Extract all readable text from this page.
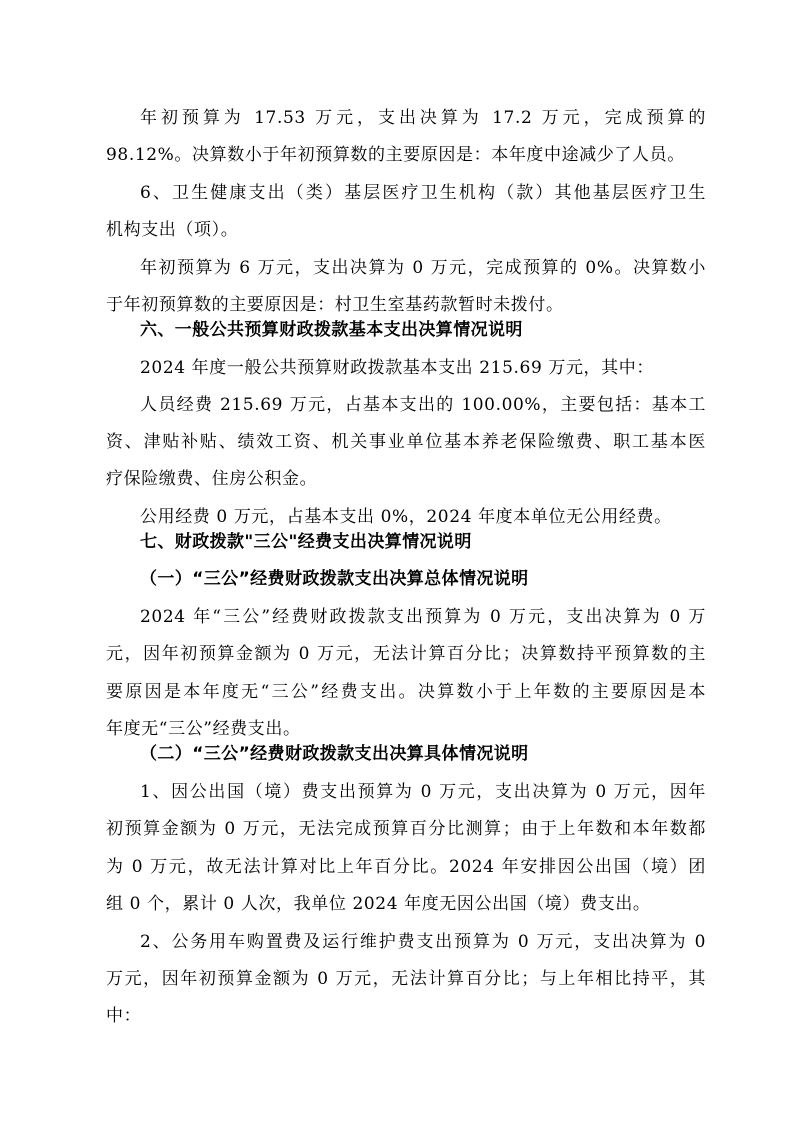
年初预算为 17.53 万元，支出决算为 17.2 万元，完成预算的
98.12%。决算数小于年初预算数的主要原因是：本年度中途减少了人员。
6、卫生健康支出（类）基层医疗卫生机构（款）其他基层医疗卫生
机构支出（项）。
年初预算为 6 万元，支出决算为 0 万元，完成预算的 0%。决算数小
于年初预算数的主要原因是：村卫生室基药款暂时未拨付。
六、一般公共预算财政拨款基本支出决算情况说明
2024 年度一般公共预算财政拨款基本支出 215.69 万元，其中：
人员经费 215.69 万元，占基本支出的 100.00%，主要包括：基本工
资、津贴补贴、绩效工资、机关事业单位基本养老保险缴费、职工基本医
疗保险缴费、住房公积金。
公用经费 0 万元，占基本支出 0%，2024 年度本单位无公用经费。
七、财政拨款"三公"经费支出决算情况说明
（一）“三公”经费财政拨款支出决算总体情况说明
2024 年“三公”经费财政拨款支出预算为 0 万元，支出决算为 0 万
元，因年初预算金额为 0 万元，无法计算百分比；决算数持平预算数的主
要原因是本年度无“三公”经费支出。决算数小于上年数的主要原因是本
年度无“三公”经费支出。
（二）“三公”经费财政拨款支出决算具体情况说明
1、因公出国（境）费支出预算为 0 万元，支出决算为 0 万元，因年
初预算金额为 0 万元，无法完成预算百分比测算；由于上年数和本年数都
为 0 万元，故无法计算对比上年百分比。2024 年安排因公出国（境）团
组 0 个，累计 0 人次，我单位 2024 年度无因公出国（境）费支出。
2、公务用车购置费及运行维护费支出预算为 0 万元，支出决算为 0
万元，因年初预算金额为 0 万元，无法计算百分比；与上年相比持平，其
中：
